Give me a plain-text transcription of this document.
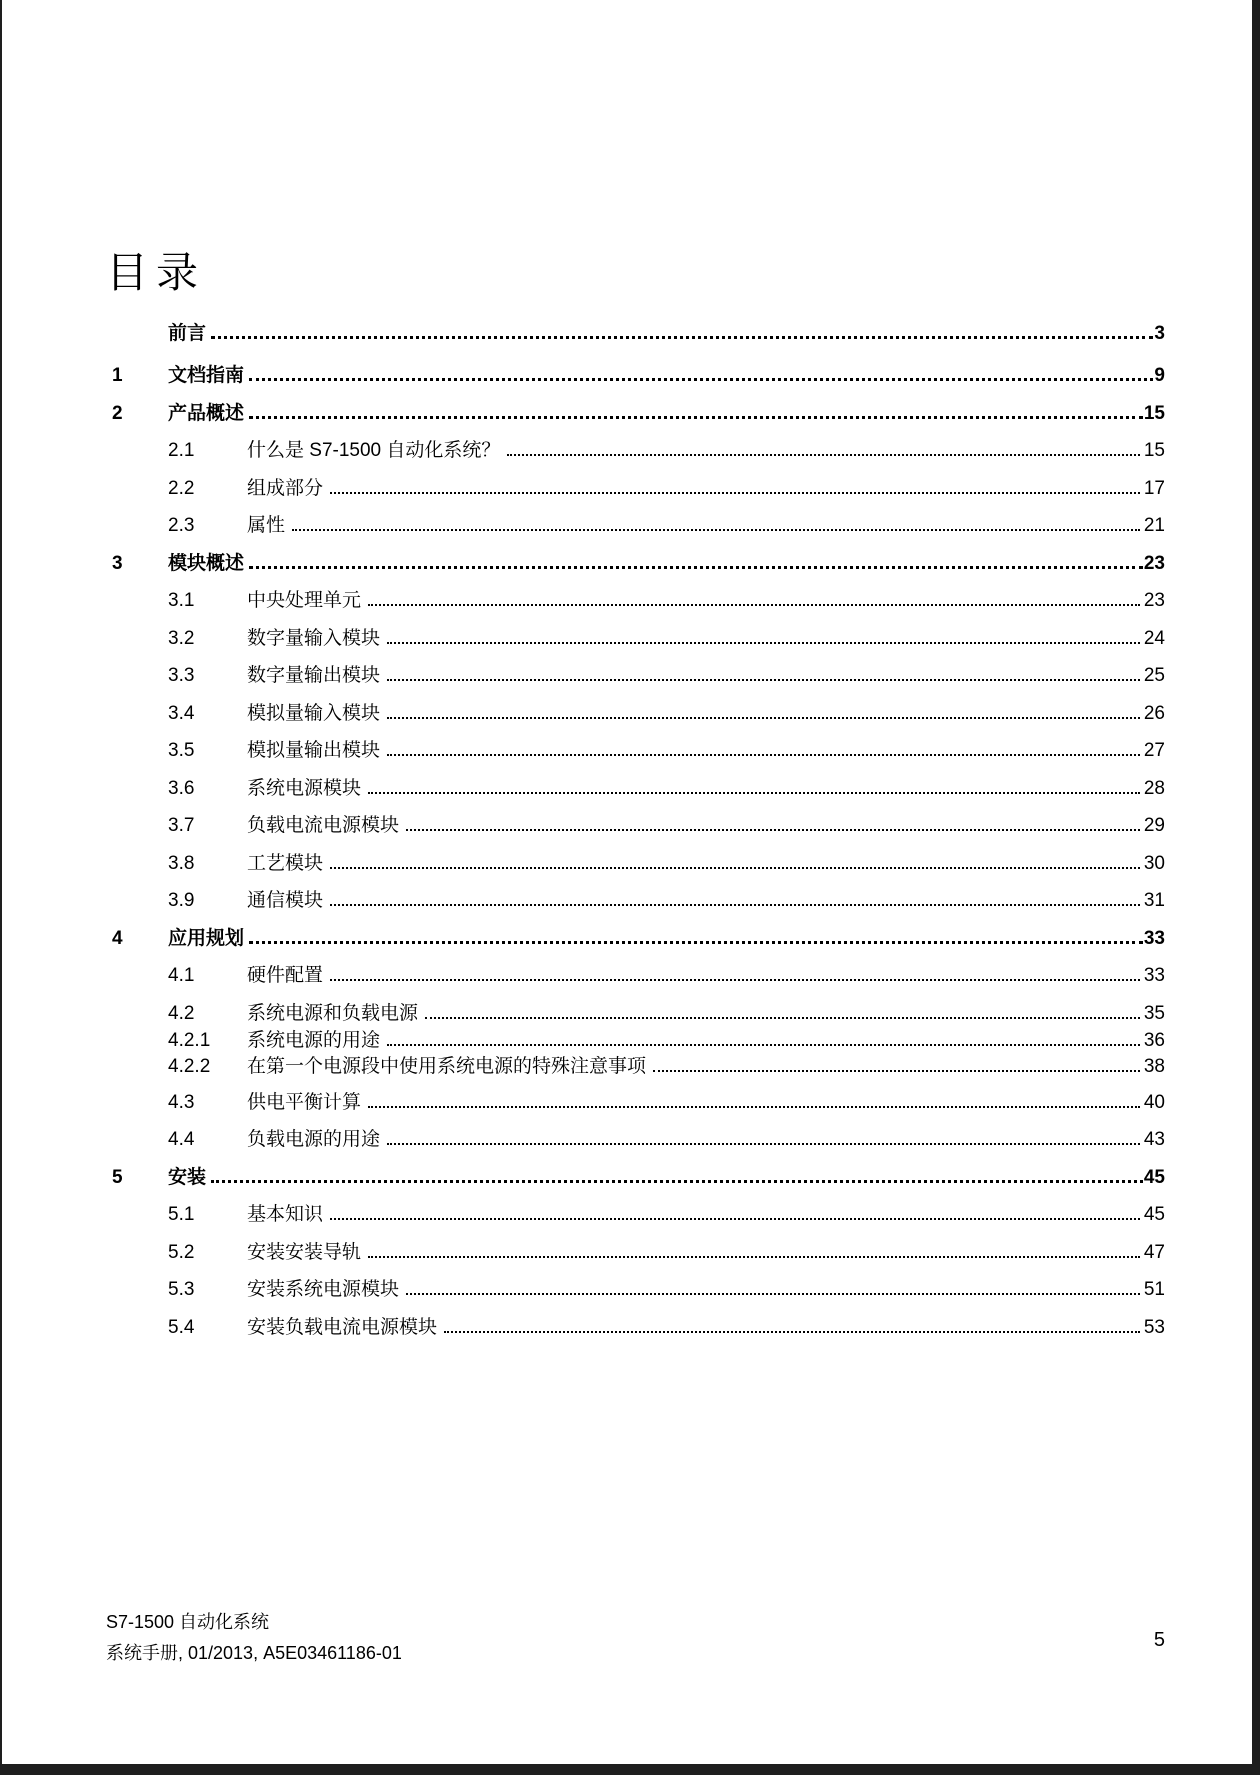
目录
前言	3
1	文档指南	9
2	产品概述	15
2.1	什么是 S7-1500 自动化系统？	15
2.2	组成部分	17
2.3	属性	21
3	模块概述	23
3.1	中央处理单元	23
3.2	数字量输入模块	24
3.3	数字量输出模块	25
3.4	模拟量输入模块	26
3.5	模拟量输出模块	27
3.6	系统电源模块	28
3.7	负载电流电源模块	29
3.8	工艺模块	30
3.9	通信模块	31
4	应用规划	33
4.1	硬件配置	33
4.2	系统电源和负载电源	35
4.2.1	系统电源的用途	36
4.2.2	在第一个电源段中使用系统电源的特殊注意事项	38
4.3	供电平衡计算	40
4.4	负载电源的用途	43
5	安装	45
5.1	基本知识	45
5.2	安装安装导轨	47
5.3	安装系统电源模块	51
5.4	安装负载电流电源模块	53
S7-1500 自动化系统
系统手册, 01/2013, A5E03461186-01
5
